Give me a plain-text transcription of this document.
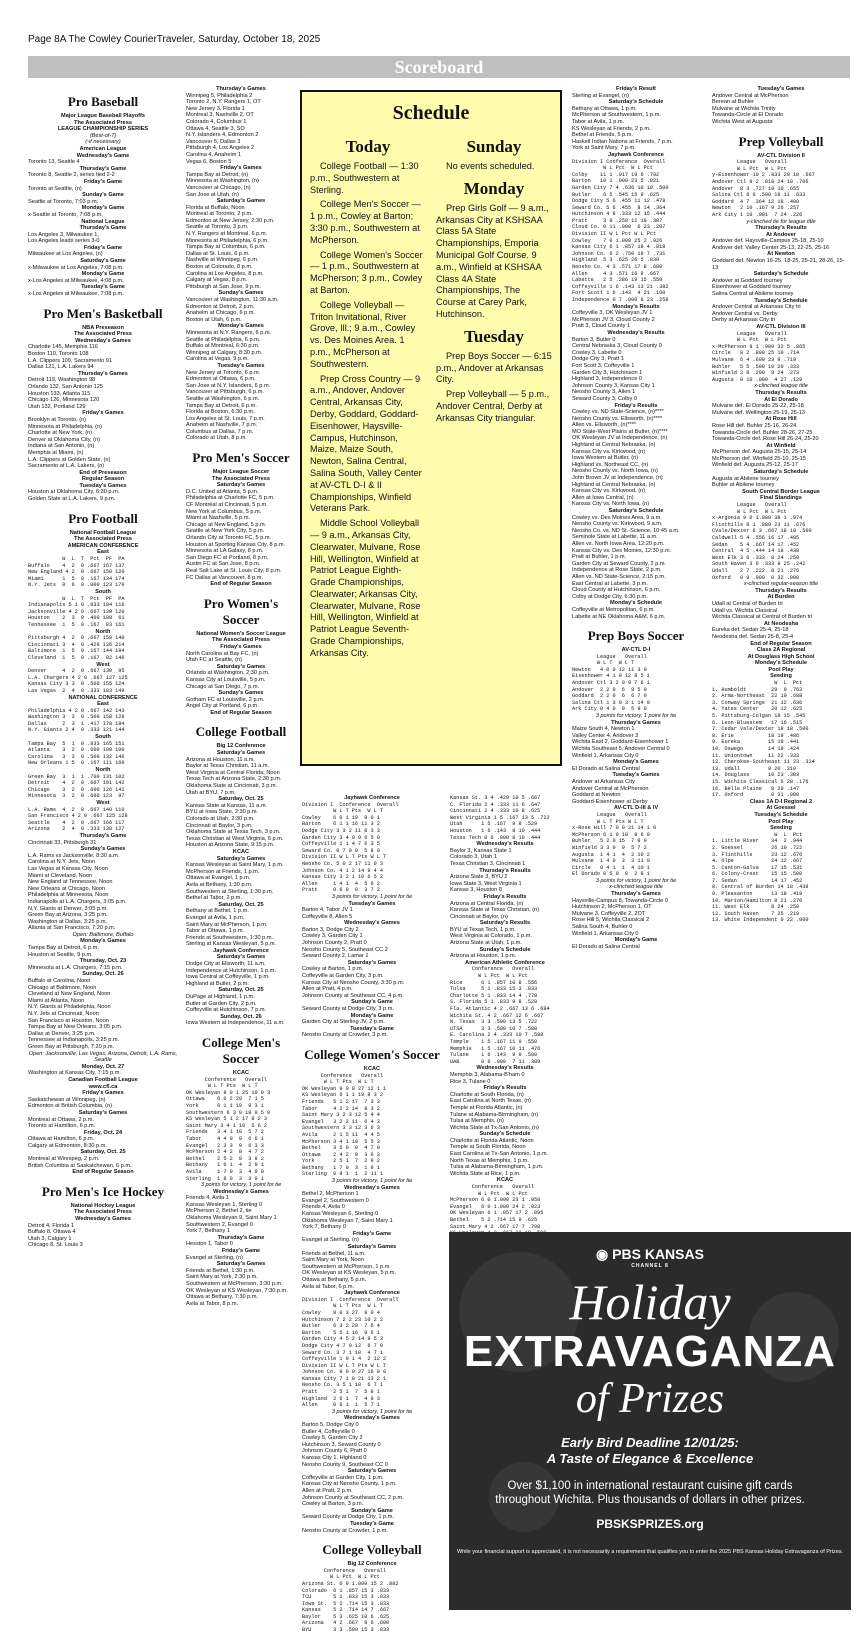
Page 8A The Cowley CourierTraveler, Saturday, October 18, 2025
Scoreboard
Pro Baseball
Major League Baseball Playoffs
The Associated Press
LEAGUE CHAMPIONSHIP SERIES
(Best-of-7)
(-if necessary)
American League
Wednesday's Game
Toronto 13, Seattle 4
Thursday's Game
Toronto 8, Seattle 2, series tied 2-2
Friday's Game
Toronto at Seattle, (n)
Sunday's Game
Seattle at Toronto, 7:03 p.m.
Monday's Game
x-Seattle at Toronto, 7:08 p.m.
National League
Thursday's Game
Los Angeles 3, Milwaukee 1,
Los Angeles leads series 3-0
Friday's Game
Milwaukee at Los Angeles, (n)
Saturday's Game
x-Milwaukee at Los Angeles, 7:08 p.m.
Monday's Game
x-Los Angeles at Milwaukee, 4:08 p.m.
Tuesday's Game
x-Los Angeles at Milwaukee, 7:08 p.m.
Pro Men's Basketball
NBA Preseason
The Associated Press
Wednesday's Games
Charlotte 145, Memphis 116
Boston 110, Toronto 108
L.A. Clippers 109, Sacramento 91
Dallas 121, L.A. Lakers 94
Thursday's Games
Detroit 119, Washington 98
Orlando 132, San Antonio 125
Houston 133, Atlanta 115
Chicago 126, Minnesota 120
Utah 132, Portland 129
Friday's Games
Brooklyn at Toronto, (n)
Minnesota at Philadelphia, (n)
Charlotte at New York, (n)
Denver at Oklahoma City, (n)
Indiana at San Antonio, (n)
Memphis at Miami, (n)
L.A. Clippers at Golden State, (n)
Sacramento at L.A. Lakers, (n)
End of Preseason
Regular Season
Tuesday's Games
Houston at Oklahoma City, 6:30 p.m.
Golden State at L.A. Lakers, 9 p.m.
Pro Football
National Football League
The Associated Press
AMERICAN CONFERENCE
East
W  L  T  Pct  PF  PA
Buffalo    4  2  0 .667 167 137
New England 4 2  0 .667 150 120
Miami      1  5  0 .167 134 174
N.Y. Jets  0  6  0 .000 123 170
South
W  L  T  Pct  PF  PA
Indianapolis 5 1 0 .833 194 116
Jacksonville 4 2 0 .667 139 120
Houston    2  3  0 .400 108  61
Tennessee  1  5  0 .167  83 161
North
Pittsburgh 4  2  0 .667 150 140
Cincinnati 3  4  0 .429 136 214
Baltimore  1  5  0 .167 144 194
Cleveland  1  5  0 .167  82 146
West
Denver     4  2  0 .667 130  95
L.A. Chargers 4 2 0 .667 127 125
Kansas City 3 3  0 .500 155 124
Las Vegas  2  4  0 .333 103 149
NATIONAL CONFERENCE
East
Philadelphia 4 2 0 .667 142 143
Washington 3  3  0 .500 158 126
Dallas     2  3  1 .417 178 184
N.Y. Giants 2 4  0 .333 121 144
South
Tampa Bay  5  1  0 .833 165 151
Atlanta    3  2  0 .600 100 100
Carolina   3  3  0 .500 132 146
New Orleans 1 5  0 .167 111 160
North
Green Bay  3  1  1 .700 131 102
Detroit    4  2  0 .667 191 142
Chicago    3  2  0 .600 126 141
Minnesota  3  2  0 .600 123  97
West
L.A. Rams  4  2  0 .667 140 110
San Francisco 4 2 0 .667 125 128
Seattle    4  2  0 .667 166 117
Arizona    2  4  0 .333 130 127
Thursday's Game
Cincinnati 33, Pittsburgh 31
Sunday's Games
L.A. Rams vs Jacksonville, 8:30 a.m.
Carolina at N.Y. Jets, Noon
Las Vegas at Kansas City, Noon
Miami at Cleveland, Noon
New England at Tennessee, Noon
New Orleans at Chicago, Noon
Philadelphia at Minnesota, Noon
Indianapolis at L.A. Chargers, 3:05 p.m.
N.Y. Giants at Denver, 3:05 p.m.
Green Bay at Arizona, 3:25 p.m.
Washington at Dallas, 3:25 p.m.
Atlanta at San Francisco, 7:20 p.m.
Open: Baltimore, Buffalo
Monday's Games
Tampa Bay at Detroit, 6 p.m.
Houston at Seattle, 9 p.m.
Thursday, Oct. 23
Minnesota at L.A. Chargers, 7:15 p.m.
Sunday, Oct. 26
Buffalo at Carolina, Noon
Chicago at Baltimore, Noon
Cleveland at New England, Noon
Miami at Atlanta, Noon
N.Y. Giants at Philadelphia, Noon
N.Y. Jets at Cincinnati, Noon
San Francisco at Houston, Noon
Tampa Bay at New Orleans, 3:05 p.m.
Dallas at Denver, 3:25 p.m.
Tennessee at Indianapolis, 3:25 p.m.
Green Bay at Pittsburgh, 7:20 p.m.
Open: Jacksonville, Las Vegas, Arizona, Detroit, L.A. Rams, Seattle
Monday, Oct. 27
Washington at Kansas City, 7:15 p.m.
Canadian Football League
www.cfl.ca
Friday's Games
Saskatchewan at Winnipeg, (n)
Edmonton at British Columbia, (n)
Saturday's Games
Montreal at Ottawa, 2 p.m.
Toronto at Hamilton, 6 p.m.
Friday, Oct. 24
Ottawa at Hamilton, 6 p.m.
Calgary at Edmonton, 8:30 p.m.
Saturday, Oct. 25
Montreal at Winnipeg, 2 p.m.
British Columbia at Saskatchewan, 6 p.m.
End of Regular Season
Pro Men's Ice Hockey
National Hockey League
The Associated Press
Wednesday's Games
Detroit 4, Florida 1
Buffalo 8, Ottawa 4
Utah 3, Calgary 1
Chicago 8, St. Louis 3
Thursday's Games
Winnipeg 5, Philadelphia 2
Toronto 2, N.Y. Rangers 1, OT
New Jersey 3, Florida 1
Montreal 3, Nashville 2, OT
Colorado 4, Columbus 1
Ottawa 4, Seattle 3, SO
N.Y. Islanders 4, Edmonton 2
Vancouver 5, Dallas 3
Pittsburgh 4, Los Angeles 2
Carolina 4, Anaheim 1
Vegas 6, Boston 5
Friday's Games
Tampa Bay at Detroit, (n)
Minnesota at Washington, (n)
Vancouver at Chicago, (n)
San Jose at Utah, (n)
Saturday's Games
Florida at Buffalo, Noon
Montreal at Toronto, 2 p.m.
Edmonton at New Jersey, 2:30 p.m.
Seattle at Toronto, 3 p.m.
N.Y. Rangers at Montreal, 6 p.m.
Minnesota at Philadelphia, 6 p.m.
Tampa Bay at Columbus, 6 p.m.
Dallas at St. Louis, 6 p.m.
Nashville at Winnipeg, 6 p.m.
Boston at Colorado, 8 p.m.
Carolina at Los Angeles, 8 p.m.
Calgary at Vegas, 8 p.m.
Pittsburgh at San Jose, 9 p.m.
Sunday's Games
Vancouver at Washington, 11:30 a.m.
Edmonton at Detroit, 2 p.m.
Anaheim at Chicago, 6 p.m.
Boston at Utah, 6 p.m.
Monday's Games
Minnesota at N.Y. Rangers, 6 p.m.
Seattle at Philadelphia, 6 p.m.
Buffalo at Montreal, 6:30 p.m.
Winnipeg at Calgary, 8:30 p.m.
Carolina at Vegas, 9 p.m.
Tuesday's Games
New Jersey at Toronto, 6 p.m.
Edmonton at Ottawa, 6 p.m.
San Jose at N.Y. Islanders, 6 p.m.
Vancouver at Pittsburgh, 6 p.m.
Seattle at Washington, 6 p.m.
Tampa Bay at Detroit, 6 p.m.
Florida at Boston, 6:30 p.m.
Los Angeles at St. Louis, 7 p.m.
Anaheim at Nashville, 7 p.m.
Columbus at Dallas, 7 p.m.
Colorado at Utah, 8 p.m.
Pro Men's Soccer
Major League Soccer
The Associated Press
Saturday's Games
D.C. United at Atlanta, 5 p.m.
Philadelphia at Charlotte FC, 5 p.m.
CF Montréal at Cincinnati, 5 p.m.
New York at Columbus, 5 p.m.
Miami at Nashville, 5 p.m.
Chicago at New England, 5 p.m.
Seattle at New York City, 5 p.m.
Orlando City at Toronto FC, 5 p.m.
Houston at Sporting Kansas City, 8 p.m.
Minnesota at LA Galaxy, 8 p.m.
San Diego FC at Portland, 8 p.m.
Austin FC at San Jose, 8 p.m.
Real Salt Lake at St. Louis City, 8 p.m.
FC Dallas at Vancouver, 8 p.m.
End of Regular Season
Pro Women's Soccer
National Women's Soccer League
The Associated Press
Friday's Games
North Carolina at Bay FC, (n)
Utah FC at Seattle, (n)
Saturday's Games
Orlando at Washington, 2:30 p.m.
Kansas City at Louisville, 5 p.m.
Chicago at San Diego, 7 p.m.
Sunday's Games
Gotham FC at Louisville, 2 p.m.
Angel City at Portland, 6 p.m.
End of Regular Season
College Football
Big 12 Conference
Saturday's Games
Arizona at Houston, 11 a.m.
Baylor at Texas Christian, 11 a.m.
West Virginia at Central Florida, Noon
Texas Tech at Arizona State, 2:30 p.m.
Oklahoma State at Cincinnati, 3 p.m.
Utah at BYU, 7 p.m.
Saturday, Oct. 25
Kansas State at Kansas, 11 a.m.
BYU at Iowa State, 2:30 p.m.
Colorado at Utah, 2:30 p.m.
Cincinnati at Baylor, 3 p.m.
Oklahoma State at Texas Tech, 3 p.m.
Texas Christian at West Virginia, 6 p.m.
Houston at Arizona State, 9:15 p.m.
KCAC
Saturday's Games
Kansas Wesleyan at Saint Mary, 1 p.m.
McPherson at Friends, 1 p.m.
Ottawa at Evangel, 1 p.m.
Avila at Bethany, 1:30 p.m.
Southwestern at Sterling, 1:30 p.m.
Bethel at Tabor, 2 p.m.
Saturday, Oct. 25
Bethany at Bethel, 1 p.m.
Evangel at Avila, 1 p.m.
Saint Mary at McPherson, 1 p.m.
Tabor at Ottawa, 1 p.m.
Friends at Southwestern, 1:30 p.m.
Sterling at Kansas Wesleyan, 5 p.m.
Jayhawk Conference
Saturday's Games
Dodge City at Ellsworth, 11 a.m.
Independence at Hutchinson, 1 p.m.
Iowa Central at Coffeyville, 1 p.m.
Highland at Butler, 2 p.m.
Saturday, Oct. 25
DuPage at Highland, 1 p.m.
Butler at Garden City, 2 p.m.
Coffeyville at Hutchinson, 7 p.m.
Sunday, Oct. 26
Iowa Western at Independence, 11 a.m.
College Men's Soccer
KCAC
Conference   Overall
W L T Pts  W L T
OK Wesleyan 8 0 1 25 10 0 3
Ottawa    6 0 2 20  7 1 5
York      6 1 1 19  9 3 1
Southwestern 6 3 0 18 9 5 0
KS Wesleyan 5 1 2 17 8 2 3
Saint Mary 3 4 1 10  5 6 2
Friends   3 4 1 10  5 7 2
Tabor     4 4 0  9  6 6 1
Evangel   2 3 3  9  6 3 3
McPherson 2 4 2  8  4 7 2
Bethel    2 5 2  8  3 9 2
Bethany   1 6 1  4  2 9 1
Avila     1 7 0  3  4 9 0
Sterling  1 8 0  3  3 9 1
3 points for victory, 1 point for tie
Wednesday's Games
Friends 4, Avila 1
Kansas Wesleyan 1, Sterling 0
McPherson 2, Bethel 2, tie
Oklahoma Wesleyan 9, Saint Mary 1
Southwestern 2, Evangel 0
York 7, Bethany 1
Thursday's Game
Hesston 1, Tabor 0
Friday's Game
Evangel at Sterling, (n)
Saturday's Games
Friends at Bethel, 1:30 p.m.
Saint Mary at York, 2:30 p.m.
Southwestern at McPherson, 3:30 p.m.
OK Wesleyan at KS Wesleyan, 7:30 p.m.
Ottawa at Bethany, 7:30 p.m.
Avila at Tabor, 8 p.m.
Schedule
Today

College Football — 1:30 p.m., Southwestern at Sterling.

College Men's Soccer — 1 p.m., Cowley at Barton; 3:30 p.m., Southwestern at McPherson.

College Women's Soccer — 1 p.m., Southwestern at McPherson; 3 p.m., Cowley at Barton.

College Volleyball — Triton Invitational, River Grove, Ill.; 9 a.m., Cowley vs. Des Moines Area. 1 p.m., McPherson at Southwestern.

Prep Cross Country — 9 a.m., Andover, Andover Central, Arkansas City, Derby, Goddard, Goddard-Eisenhower, Haysville-Campus, Hutchinson, Maize, Maize South, Newton, Salina Central, Salina South, Valley Center at AV-CTL D-I & II Championships, Winfield Veterans Park.

Middle School Volleyball — 9 a.m., Arkansas City, Clearwater, Mulvane, Rose Hill, Wellington, Winfield at Patriot League Eighth-Grade Championships, Clearwater; Arkansas City, Clearwater, Mulvane, Rose Hill, Wellington, Winfield at Patriot League Seventh-Grade Championships, Arkansas City.

Sunday

No events scheduled.

Monday

Prep Girls Golf — 9 a.m., Arkansas City at KSHSAA Class 5A State Championships, Emporia Municipal Golf Course. 9 a.m., Winfield at KSHSAA Class 4A State Championships, The Course at Carey Park, Hutchinson.

Tuesday

Prep Boys Soccer — 6:15 p.m., Andover at Arkansas City.

Prep Volleyball — 5 p.m., Andover Central, Derby at Arkansas City triangular.

Jayhawk Conference
Division I  Conference  Overall
W L T Pts  W L T
Cowley    6 0 1 19  9 0 1
Barton    6 1 1 16 11 3 2
Dodge City 3 3 2 11 8 3 3
Garden City 3 4 0 9 6 5 0
Coffeyville 1 1 4 7 6 3 5
Seward Co. 0 7 0 0  5 8 0
Division II W L T Pts W L T
Neosho Co. 5 0 2 17 11 0 3
Johnson Co. 4 1 2 14 9 4 4
Kansas City 3 2 1 10 6 5 2
Allen     1 4 1  4  5 6 2
Pratt     0 6 0  0  3 7 2
3 points for victory, 1 point for tie
Tuesday's Games
Barton 4, Tabor JV 1
Coffeyville 8, Allen 5
Wednesday's Games
Barton 3, Dodge City 2
Cowley 3, Garden City 1
Johnson County 2, Pratt 0
Neosho County 5, Southeast CC 2
Seward County 2, Lamar 1
Saturday's Games
Cowley at Barton, 1 p.m.
Coffeyville at Garden City, 3 p.m.
Kansas City at Neosho County, 3:30 p.m.
Allen at Pratt, 4 p.m.
Johnson County at Southeast CC, 4 p.m.
Sunday's Game
Seward County at Dodge City, 3 p.m.
Monday's Game
Garden City at Sterling JV, 2 p.m.
Tuesday's Game
Neosho County at Crowder, 3 p.m.
College Women's Soccer
KCAC
Conference   Overall
W L T Pts  W L T
OK Wesleyan 9 0 0 27 12 1 1
KS Wesleyan 6 1 1 19 8 3 2
Friends   5 1 2 17  7 3 3
Tabor     4 2 2 14  8 3 2
Saint Mary 3 2 3 12 5 4 4
Evangel   3 2 2 11  6 4 3
Southwestern 3 3 12 3 6 3
Avila     2 1 5 11  4 4 5
McPherson 3 4 1 10  5 5 3
Bethel    3 5 0  9  4 7 0
Ottawa    2 4 2  8  3 6 3
York      2 5 1  7  2 9 2
Bethany   1 7 0  3  1 9 1
Sterling  0 8 1  1  2 11 1
3 points for victory, 1 point for tie
Wednesday's Games
Bethel 2, McPherson 1
Evangel 2, Southwestern 0
Friends 4, Avila 0
Kansas Wesleyan 6, Sterling 0
Oklahoma Wesleyan 7, Saint Mary 1
York 7, Bethany 0
Friday's Game
Evangel at Sterling, (n)
Saturday's Games
Friends at Bethel, 11 a.m.
Saint Mary at York, Noon
Southwestern at McPherson, 1 p.m.
OK Wesleyan at KS Wesleyan, 5 p.m.
Ottawa at Bethany, 5 p.m.
Avila at Tabor, 6 p.m.
Jayhawk Conference
Division I  Conference  Overall
W L T Pts  W L T
Cowley    8 0 3 27  8 0 4
Hutchinson 7 2 2 23 10 2 2
Butler    6 3 2 20  7 6 4
Barton    5 5 1 16  9 6 1
Garden City 4 5 2 14 9 5 3
Dodge City 4 7 0 12  6 7 0
Seward Co. 3 7 1 10  4 7 1
Coffeyville 1 9 1 4  2 12 2
Division II W L T Pts W L T
Johnson Co. 9 0 0 27 16 0 0
Kansas City 7 1 0 21 13 2 1
Neosho Co. 3 5 1 10  6 7 1
Pratt     2 5 1  7  5 8 1
Highland  2 6 1  7  4 9 3
Allen     0 6 1  1  5 7 1
3 points for victory, 1 point for tie
Wednesday's Games
Barton 5, Dodge City 0
Butler 4, Coffeyville 0
Cowley 5, Garden City 2
Hutchinson 3, Seward County 0
Johnson County 6, Pratt 0
Kansas City 1, Highland 0
Neosho County 9, Southeast CC 0
Saturday's Games
Coffeyville at Garden City, 1 p.m.
Kansas City at Neosho County, 1 p.m.
Allen at Pratt, 2 p.m.
Johnson County at Southeast CC, 2 p.m.
Cowley at Barton, 3 p.m.
Sunday's Game
Seward County at Dodge City, 1 p.m.
Tuesday's Game
Neosho County at Crowder, 1 p.m.
College Volleyball
Big 12 Conference
Conference   Overall
W L Pct  W L Pct
Arizona St. 6 0 1.000 15 2 .882
Colorado  6 1 .857 15 3 .833
TCU       5 1 .833 15 3 .833
Iowa St.  5 2 .714 15 3 .833
Kansas    5 2 .714 14 7 .667
Baylor    5 3 .625 10 6 .625
Arizona   4 2 .667  9 6 .600
BYU       3 3 .500 15 3 .833
Kansas St. 3 4 .429 10 5 .667
C. Florida 2 4 .333 11 6 .647
Cincinnati 2 4 .333 10 8 .625
West Virginia 1 5 .167 13 5 .722
Utah      1 5 .167  9 8 .529
Houston   1 6 .143  8 10 .444
Texas Tech 0 6 .000 8 10 .444
Wednesday's Results
Baylor 3, Kansas State 1
Colorado 3, Utah 1
Texas Christian 3, Cincinnati 1
Thursday's Results
Arizona State 3, BYU 2
Iowa State 3, West Virginia 1
Kansas 3, Houston 0
Friday's Results
Arizona at Central Florida, (n)
Kansas State at Texas Christian, (n)
Cincinnati at Baylor, (n)
Saturday's Results
BYU at Texas Tech, 1 p.m.
West Virginia at Colorado, 1 p.m.
Arizona State at Utah, 1 p.m.
Sunday's Schedule
Arizona at Houston, 1 p.m.
American Athletic Conference
Conference   Overall
W L Pct  W L Pct
Rice      6 1 .857 10 8 .556
Tulsa     5 1 .833 15 3 .833
Charlotte 5 1 .833 14 4 .778
S. Florida 5 1 .833 9 8 .529
Fla. Atlantic 4 2 .667 13 6 .684
Wichita St. 4 2 .667 12 6 .667
N. Texas  3 3 .500 13 5 .722
UTSA      3 3 .500 10 7 .588
E. Carolina 2 4 .333 10 7 .588
Temple    1 5 .167 11 9 .550
Memphis   1 5 .167 10 11 .476
Tulane    1 6 .143  9 9 .500
UAB       0 6 .000  7 11 .389
Wednesday's Results
Memphis 3, Alabama-B'ham 0
Rice 3, Tulane 0
Friday's Results
Charlotte at South Florida, (n)
East Carolina at North Texas, (n)
Temple at Florida Atlantic, (n)
Tulane at Alabama-Birmingham, (n)
Tulsa at Memphis, (n)
Wichita State at Tx-San Antonio, (n)
Sunday's Schedule
Charlotte at Florida Atlantic, Noon
Temple at South Florida, Noon
East Carolina at Tx-San Antonio, 1 p.m.
North Texas at Memphis, 1 p.m.
Tulsa at Alabama-Birmingham, 1 p.m.
Wichita State at Rice, 1 p.m.
KCAC
Conference   Overall
W L Pct  W L Pct
McPherson 6 0 1.000 23 1 .958
Evangel   6 0 1.000 24 2 .923
OK Wesleyan 6 1 .857 17 2 .895
Bethel    5 2 .714 15 9 .625
Saint Mary 4 2 .667 17 7 .708
Friday's Result
Sterling at Evangel, (n)
Saturday's Schedule
Bethany at Ottawa, 1 p.m.
McPherson at Southwestern, 1 p.m.
Tabor at Avila, 1 p.m.
KS Wesleyan at Friends, 2 p.m.
Bethel at Friends, 5 p.m.
Haskell Indian Nations at Friends, 7 p.m.
York at Saint Mary, 7 p.m.
Jayhawk Conference
Division I Conference  Overall
W L Pct  W L Pct
Colby    11 1 .917 19 6 .792
Barton   10 1 .909 23 5 .821
Garden City 7 4 .636 10 10 .500
Butler    6 5 .545 15 9 .625
Dodge City 5 6 .455 11 12 .478
Seward Co. 5 6 .455  8 14 .364
Hutchinson 4 8 .333 12 15 .444
Pratt     3 9 .250 12 19 .387
Cloud Co. 0 11 .000  6 23 .207
Division II W L Pct W L Pct
Cowley    7 0 1.000 25 2 .926
Kansas City 6 1 .857 18 4 .818
Johnson Co. 6 2 .750 19 7 .731
Highland  5 3 .625 26 5 .839
Neosho Co. 4 3 .571 17 8 .680
Allen     4 3 .571 16 8 .667
Labette   2 5 .286 19 15 .559
Coffeyville 1 6 .143 13 21 .382
Fort Scott 1 6 .143  4 21 .160
Independence 0 7 .000 8 23 .258
Monday's Results
Coffeyville 3, OK Wesleyan JV 1
McPherson JV 3, Cloud County 2
Pratt 3, Cloud County 1
Wednesday's Results
Barton 3, Butler 0
Central Nebraska 3, Cloud County 0
Cowley 3, Labette 0
Dodge City 3, Pratt 1
Fort Scott 3, Coffeyville 1
Garden City 3, Hutchinson 1
Highland 3, Independence 0
Johnson County 3, Kansas City 1
Neosho County 3, Allen 1
Seward County 3, Colby 0
Friday's Results
Cowley vs. ND State-Science, (n)****
Neosho County vs. Ellsworth, (n)****
Allen vs. Ellsworth, (n)****
MO State-West Plains at Butler, (n)****
OK Wesleyan JV at Independence, (n)
Highland at Central Nebraska, (n)
Kansas City vs. Kirkwood, (n)
Iowa Western at Butler, (n)
Highland vs. Northeast CC, (n)
Neosho County vs. North Iowa, (n)
John Brown JV at Independence, (n)
Highland at Central Nebraska, (n)
Kansas City vs. Kirkwood, (n)
Allen at Iowa Central, (n)
Kansas City vs. North Iowa, (n)
Saturday's Schedule
Cowley vs. Des Moines Area, 9 a.m.
Neosho County vs. Kirkwood, 9 a.m.
Neosho Co. vs. ND St.-Science, 10:45 a.m.
Seminole State at Labette, 11 a.m.
Allen vs. North Iowa Area, 12:20 p.m.
Kansas City vs. Des Moines, 12:30 p.m.
Pratt at Buhler, 1 p.m.
Garden City at Seward County, 2 p.m.
Independence at Rose State, 2 p.m.
Allen vs. ND State-Science, 2:15 p.m.
East Central at Labette, 3 p.m.
Cloud County at Hutchinson, 6 p.m.
Colby at Dodge City, 6:30 p.m.
Monday's Schedule
Coffeyville at Metropolitan, 6 p.m.
Labette at NE Oklahoma A&M, 6 p.m.
Prep Boys Soccer
AV-CTL D-I
League   Overall
W L T  W L T
Newton   4 0 0 12 11 3 0
Eisenhower 4 1 0 12 8 5 1
Andover Ctl 3 2 0 9 7 6 1
Andover  2 2 0  6  9 5 0
Goddard  2 2 0  6  6 7 0
Salina Ctl 1 3 0 3 1 14 0
Ark City 0 4 0  0  5 9 0
3 points for victory, 1 point for tie
Thursday's Games
Maize South 4, Newton 1
Valley Center 4, Andover 3
Wichita East 2, Goddard-Eisenhower 1
Wichita Southeast 5, Andover Central 0
Winfield 1, Arkansas City 0
Monday's Games
El Dorado at Salina Central
Tuesday's Games
Andover at Arkansas City
Andover Central at McPherson
Goddard at Newton
Goddard-Eisenhower at Derby
AV-CTL D-III & IV
League   Overall
W L T Pts W L T
x-Rose Hill 7 0 0 21 14 1 0
McPherson 6 1 0 18  8 6 0
Buhler   5 2 0 15  7 8 0
Winfield 3 3 0  9  5 7 2
Augusta  1 4 1  4  2 10 2
Mulvane  1 4 0  3  3 11 0
Circle   0 4 1  1  4 10 1
El Dorado 0 5 0  0  2 8 1
3 points for victory, 1 point for tie
x-clinched league title
Thursday's Games
Haysville-Campus 8, Towanda-Circle 0
Hutchinson 2, McPherson 1, OT
Mulvane 3, Coffeyville 2, 2OT
Rose Hill 5, Wichita Classical 2
Salina South 4, Buhler 0
Winfield 1, Arkansas City 0
Monday's Game
El Dorado at Salina Central
Tuesday's Games
Andover Central at McPherson
Berean at Buhler
Mulvane at Wichita Trinity
Towanda-Circle at El Dorado
Wichita West at Augusta
Prep Volleyball
AV-CTL Division II
League   Overall
W L Pct  W L Pct
y-Eisenhower 10 2 .833 20 10 .667
Andover Ctl 9 2 .818 24 10 .706
Andover  8 3 .727 19 10 .655
Salina Ctl 6 6 .500 19 11 .633
Goddard  4 7 .364 12 18 .400
Newton   2 10 .167 9 26 .257
Ark City 1 10 .091  7 24 .226
y-clinched tie for league title
Thursday's Results
At Andover
Andover def. Haysville-Campus 25-18, 25-10
Andover def. Valley Center 25-13, 22-25, 25-16
At Newton
Goddard def. Newton 16-25, 18-25, 25-21, 28-26, 15-13
Saturday's Schedule
Andover at Goddard tourney
Eisenhower at Goddard tourney
Salina Central at Abilene tourney
Tuesday's Schedule
Andover Central at Arkansas City tri
Andover Central vs. Derby
Derby at Arkansas City tri
AV-CTL Division III
League   Overall
W L Pct  W L Pct
x-McPherson 9 1 .900 32 5 .865
Circle   8 2 .800 25 10 .714
Mulvane  6 4 .600 23 9 .719
Buhler   5 5 .500 10 20 .333
Winfield 2 8 .200  9 24 .273
Augusta  0 10 .000  4 27 .129
x-clinched league title
Thursday's Results
At El Dorado
Mulvane def. El Dorado 25-22, 25-18
Mulvane def. Wellington 25-19, 25-13
At Rose Hill
Rose Hill def. Buhler 25-16, 26-24
Towanda-Circle def. Buhler 28-26, 27-25
Towanda-Circle def. Rose Hill 26-24, 25-20
At Winfield
McPherson def. Augusta 25-15, 25-14
McPherson def. Winfield 25-10, 25-15
Winfield def. Augusta 25-12, 25-17
Saturday's Schedule
Augusta at Abilene tourney
Buhler at Abilene tourney
South Central Border League
Final Standings
League   Overall
W L Pct  W L Pct
x-Argonia 9 0 1.000 38 1 .974
Flinthills 8 1 .889 23 11 .676
CVale/Dexter 6 3 .667 18 18 .500
Caldwell 5 4 .556 16 17 .485
Sedan    5 4 .667 14 17 .452
Central  4 5 .444 14 18 .438
West Elk 3 6 .333  8 24 .250
South Haven 3 6 .333 8 25 .242
Udall    2 7 .222  8 21 .276
Oxford   0 9 .000  0 32 .000
x-clinched regular-season title
Thursday's Results
At Burden
Udall at Central of Burden tri
Udall vs. Wichita Classical
Wichita Classical at Central of Burden tri
At Neodesha
Eureka def. Sedan 25-4, 25-18
Neodesha def. Sedan 25-8, 25-4
End of Regular Season
Class 2A Regional
At Douglass High School
Monday's Schedule
Pool Play
Seeding
W  L  Pct
1. Humboldt        29  9 .763
2. Arma-Northeast  22 10 .688
3. Conway Springs  21 12 .636
4. Yates Center    20 12 .625
5. Pittsburg-Colgan 18 15 .545
6. Leon-Bluestem   17 16 .515
7. Cedar Vale/Dexter 18 18 .500
8. Erie           18 19 .486
9. Eureka         15 19 .441
10. Oswego        14 19 .424
11. Uniontown     11 22 .333
12. Cherokee-Southeast 11 23 .324
13. Udall         9 20 .310
14. Douglass      10 23 .303
15. Wichita Classical 6 28 .176
16. Belle Plaine   8 29 .147
17. Oxford         0 31 .000
Class 1A D-I Regional 2
At Goessel
Tuesday's Schedule
Pool Play
Seeding
W  L  Pct
1. Little River    34  2 .944
2. Goessel         26 10 .722
3. Flinthills      23 12 .676
4. Olpe            24 12 .667
5. Canton-Galva    17 15 .531
6. Colony-Crest    15 15 .500
7. Sedan           14 17 .452
8. Central of Burden 14 18 .438
9. Pleasanton      13 18 .419
10. Marion/Hamilton 8 21 .276
11. West Elk       8 24 .250
12. South Haven    7 25 .219
13. White Independent 0 22 .000
◉ PBS KANSAS
CHANNEL 8
Holiday
EXTRAVAGANZA
of Prizes
Early Bird Deadline 12/01/25:
A Taste of Elegance & Excellence
Over $1,100 in international restaurant cuisine gift cards throughout Wichita. Plus thousands of dollars in other prizes.
PBSKSPRIZES.org
While your financial support is appreciated, it is not necessarily a requirement that qualifies you to enter the 2025 PBS Kansas Holiday Extravaganza of Prizes.
